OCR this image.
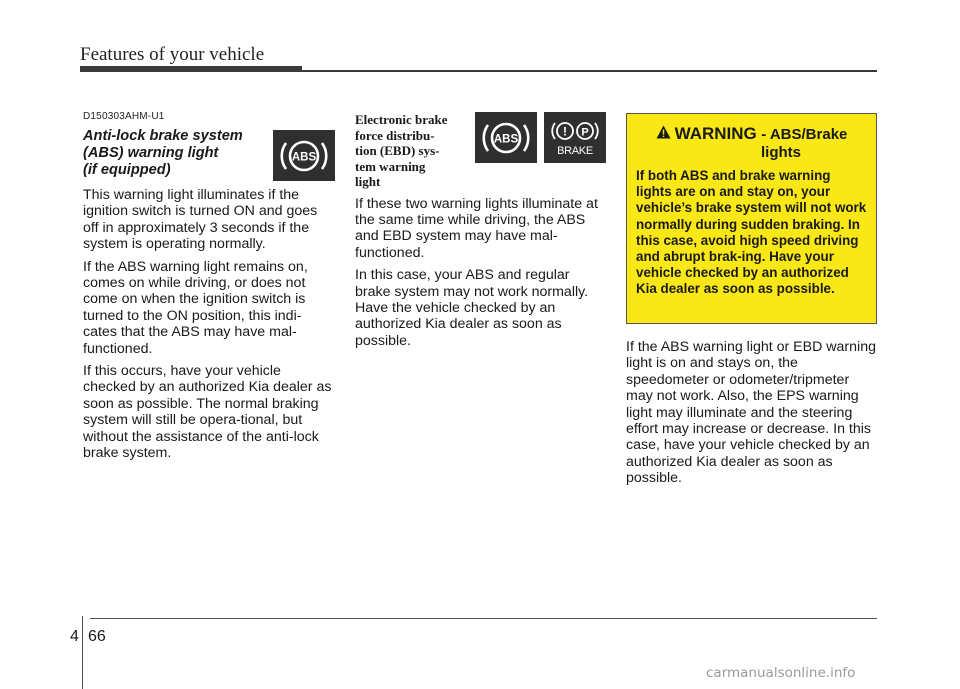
Features of your vehicle
D150303AHM-U1
Anti-lock brake system
(ABS) warning light
(if equipped)
ABS

This warning light illuminates if the ignition switch is turned ON and goes off in approximately 3 seconds if the system is operating normally.

If the ABS warning light remains on, comes on while driving, or does not come on when the ignition switch is turned to the ON position, this indi-cates that the ABS may have mal-functioned.

If this occurs, have your vehicle checked by an authorized Kia dealer as soon as possible. The normal braking system will still be opera-tional, but without the assistance of the anti-lock brake system.

Electronic brake
force distribu-
tion (EBD) sys-
tem warning
light
ABS
! P
BRAKE

If these two warning lights illuminate at the same time while driving, the ABS and EBD system may have mal-functioned.

In this case, your ABS and regular brake system may not work normally. Have the vehicle checked by an authorized Kia dealer as soon as possible.

WARNING - ABS/Brake
lights
If both ABS and brake warning lights are on and stay on, your vehicle’s brake system will not work normally during sudden braking. In this case, avoid high speed driving and abrupt brak-ing. Have your vehicle checked by an authorized Kia dealer as soon as possible.

If the ABS warning light or EBD warning light is on and stays on, the speedometer or odometer/tripmeter may not work. Also, the EPS warning light may illuminate and the steering effort may increase or decrease. In this case, have your vehicle checked by an authorized Kia dealer as soon as possible.

4 66
carmanualsonline.info
